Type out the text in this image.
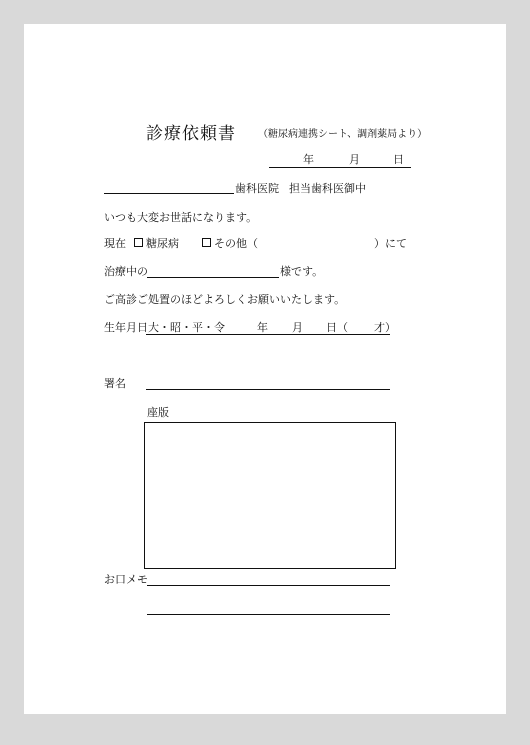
診療依頼書 （糖尿病連携シート、調剤薬局より）
年	月	日
歯科医院 担当歯科医御中
いつも大変お世話になります。
現在	糖尿病	その他（	）にて
治療中の	様です。
ご高診ご処置のほどよろしくお願いいたします。
生年月日 大・昭・平・令	年 月 日（ 才）
署名
座版
お口メモ
